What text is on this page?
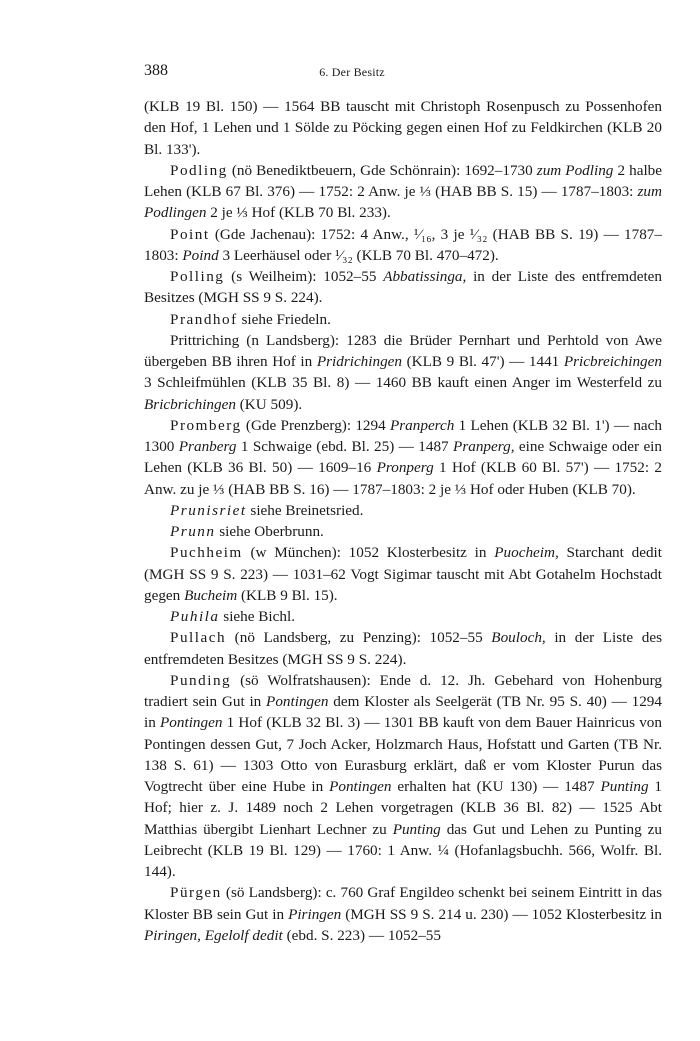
388	6. Der Besitz

(KLB 19 Bl. 150) — 1564 BB tauscht mit Christoph Rosenpusch zu Possenhofen den Hof, 1 Lehen und 1 Sölde zu Pöcking gegen einen Hof zu Feldkirchen (KLB 20 Bl. 133').

Podling (nö Benediktbeuern, Gde Schönrain): 1692–1730 zum Podling 2 halbe Lehen (KLB 67 Bl. 376) — 1752: 2 Anw. je ⅓ (HAB BB S. 15) — 1787–1803: zum Podlingen 2 je ⅓ Hof (KLB 70 Bl. 233).

Point (Gde Jachenau): 1752: 4 Anw., ¹⁄₁₆, 3 je ¹⁄₃₂ (HAB BB S. 19) — 1787–1803: Poind 3 Leerhäusel oder ¹⁄₃₂ (KLB 70 Bl. 470–472).

Polling (s Weilheim): 1052–55 Abbatissinga, in der Liste des entfremdeten Besitzes (MGH SS 9 S. 224).

Prandhof siehe Friedeln.

Prittriching (n Landsberg): 1283 die Brüder Pernhart und Perhtold von Awe übergeben BB ihren Hof in Pridrichingen (KLB 9 Bl. 47') — 1441 Pricbreichingen 3 Schleifmühlen (KLB 35 Bl. 8) — 1460 BB kauft einen Anger im Westerfeld zu Bricbrichingen (KU 509).

Promberg (Gde Prenzberg): 1294 Pranperch 1 Lehen (KLB 32 Bl. 1') — nach 1300 Pranberg 1 Schwaige (ebd. Bl. 25) — 1487 Pranperg, eine Schwaige oder ein Lehen (KLB 36 Bl. 50) — 1609–16 Pronperg 1 Hof (KLB 60 Bl. 57') — 1752: 2 Anw. zu je ⅓ (HAB BB S. 16) — 1787–1803: 2 je ⅓ Hof oder Huben (KLB 70).

Prunisriet siehe Breinetsried.

Prunn siehe Oberbrunn.

Puchheim (w München): 1052 Klosterbesitz in Puocheim, Starchant dedit (MGH SS 9 S. 223) — 1031–62 Vogt Sigimar tauscht mit Abt Gotahelm Hochstadt gegen Bucheim (KLB 9 Bl. 15).

Puhila siehe Bichl.

Pullach (nö Landsberg, zu Penzing): 1052–55 Bouloch, in der Liste des entfremdeten Besitzes (MGH SS 9 S. 224).

Punding (sö Wolfratshausen): Ende d. 12. Jh. Gebehard von Hohenburg tradiert sein Gut in Pontingen dem Kloster als Seelgerät (TB Nr. 95 S. 40) — 1294 in Pontingen 1 Hof (KLB 32 Bl. 3) — 1301 BB kauft von dem Bauer Hainricus von Pontingen dessen Gut, 7 Joch Acker, Holzmarch Haus, Hofstatt und Garten (TB Nr. 138 S. 61) — 1303 Otto von Eurasburg erklärt, daß er vom Kloster Purun das Vogtrecht über eine Hube in Pontingen erhalten hat (KU 130) — 1487 Punting 1 Hof; hier z. J. 1489 noch 2 Lehen vorgetragen (KLB 36 Bl. 82) — 1525 Abt Matthias übergibt Lienhart Lechner zu Punting das Gut und Lehen zu Punting zu Leibrecht (KLB 19 Bl. 129) — 1760: 1 Anw. ¼ (Hofanlagsbuchh. 566, Wolfr. Bl. 144).

Pürgen (sö Landsberg): c. 760 Graf Engildeo schenkt bei seinem Eintritt in das Kloster BB sein Gut in Piringen (MGH SS 9 S. 214 u. 230) — 1052 Klosterbesitz in Piringen, Egelolf dedit (ebd. S. 223) — 1052–55
